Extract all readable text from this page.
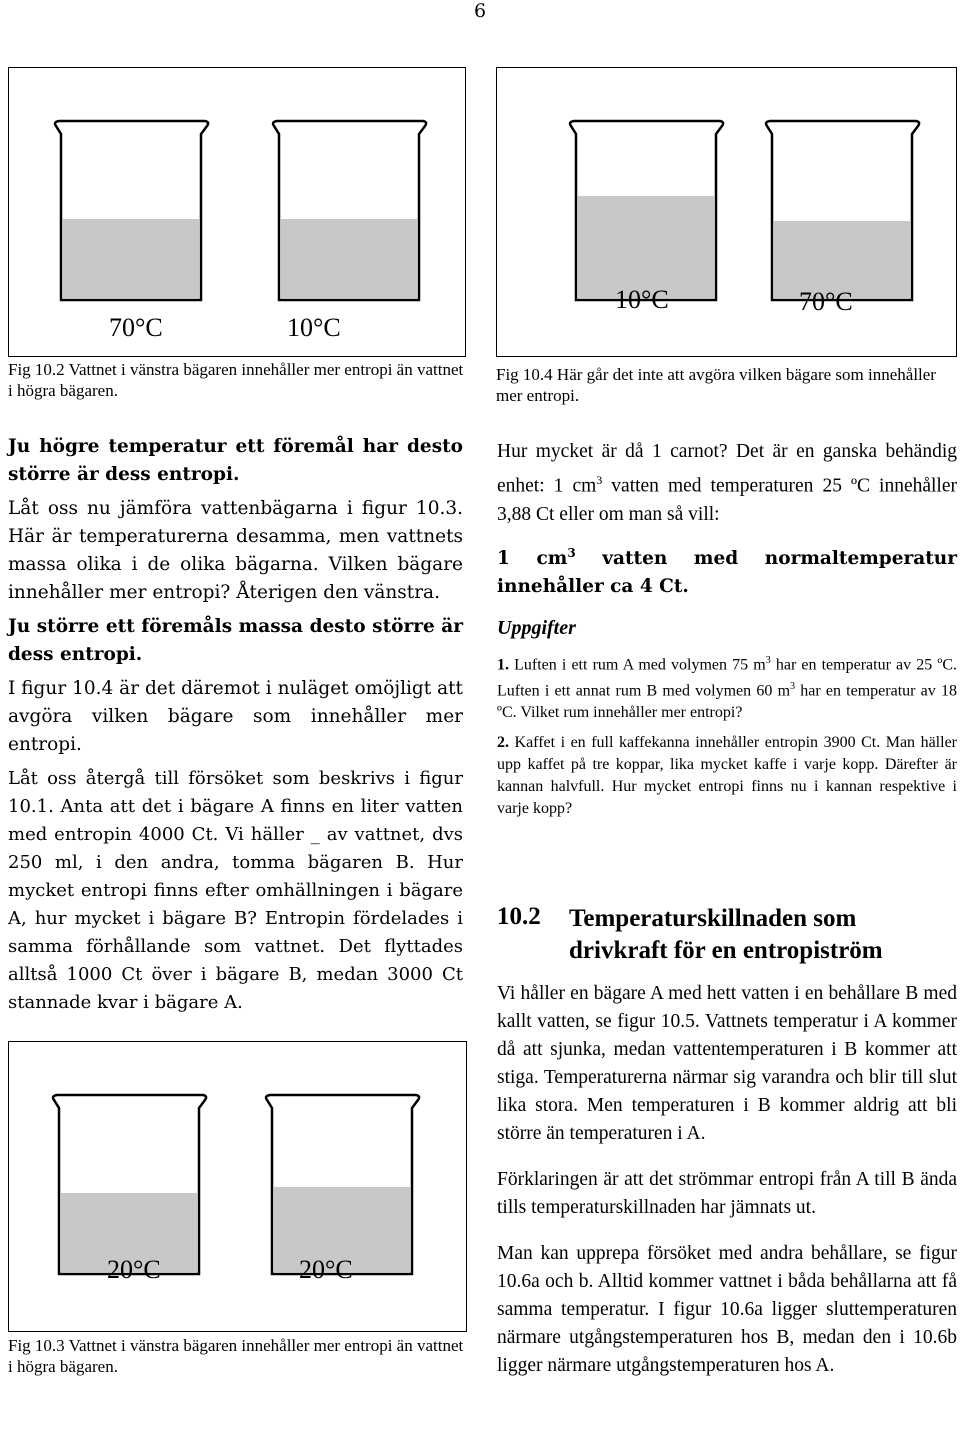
6
70°C	10°C
Fig 10.2 Vattnet i vänstra bägaren innehåller mer entropi än vattnet i högra bägaren.
10°C	70°C
Fig 10.4 Här går det inte att avgöra vilken bägare som innehåller mer entropi.

Ju högre temperatur ett föremål har desto större är dess entropi.

Låt oss nu jämföra vattenbägarna i figur 10.3. Här är temperaturerna desamma, men vattnets massa olika i de olika bägarna. Vilken bägare innehåller mer entropi? Återigen den vänstra.

Ju större ett föremåls massa desto större är dess entropi.

I figur 10.4 är det däremot i nuläget omöjligt att avgöra vilken bägare som innehåller mer entropi.

Låt oss återgå till försöket som beskrivs i figur 10.1. Anta att det i bägare A finns en liter vatten med entropin 4000 Ct. Vi häller _ av vattnet, dvs 250 ml, i den andra, tomma bägaren B. Hur mycket entropi finns efter omhällningen i bägare A, hur mycket i bägare B? Entropin fördelades i samma förhållande som vattnet. Det flyttades alltså 1000 Ct över i bägare B, medan 3000 Ct stannade kvar i bägare A.

20°C	20°C
Fig 10.3 Vattnet i vänstra bägaren innehåller mer entropi än vattnet i högra bägaren.

Hur mycket är då 1 carnot? Det är en ganska behändig enhet: 1 $cm^3$ vatten med temperaturen 25 ºC innehåller 3,88 Ct eller om man så vill:

1 $cm^3$ vatten med normaltemperatur innehåller ca 4 Ct.

Uppgifter

1. Luften i ett rum A med volymen 75 $m^3$ har en temperatur av 25 ºC. Luften i ett annat rum B med volymen 60 $m^3$ har en temperatur av 18 ºC. Vilket rum innehåller mer entropi?

2. Kaffet i en full kaffekanna innehåller entropin 3900 Ct. Man häller upp kaffet på tre koppar, lika mycket kaffe i varje kopp. Därefter är kannan halvfull. Hur mycket entropi finns nu i kannan respektive i varje kopp?

10.2 Temperaturskillnaden som drivkraft för en entropiström

Vi håller en bägare A med hett vatten i en behållare B med kallt vatten, se figur 10.5. Vattnets temperatur i A kommer då att sjunka, medan vattentemperaturen i B kommer att stiga. Temperaturerna närmar sig varandra och blir till slut lika stora. Men temperaturen i B kommer aldrig att bli större än temperaturen i A.

Förklaringen är att det strömmar entropi från A till B ända tills temperaturskillnaden har jämnats ut.

Man kan upprepa försöket med andra behållare, se figur 10.6a och b. Alltid kommer vattnet i båda behållarna att få samma temperatur. I figur 10.6a ligger sluttemperaturen närmare utgångstemperaturen hos B, medan den i 10.6b ligger närmare utgångstemperaturen hos A.
